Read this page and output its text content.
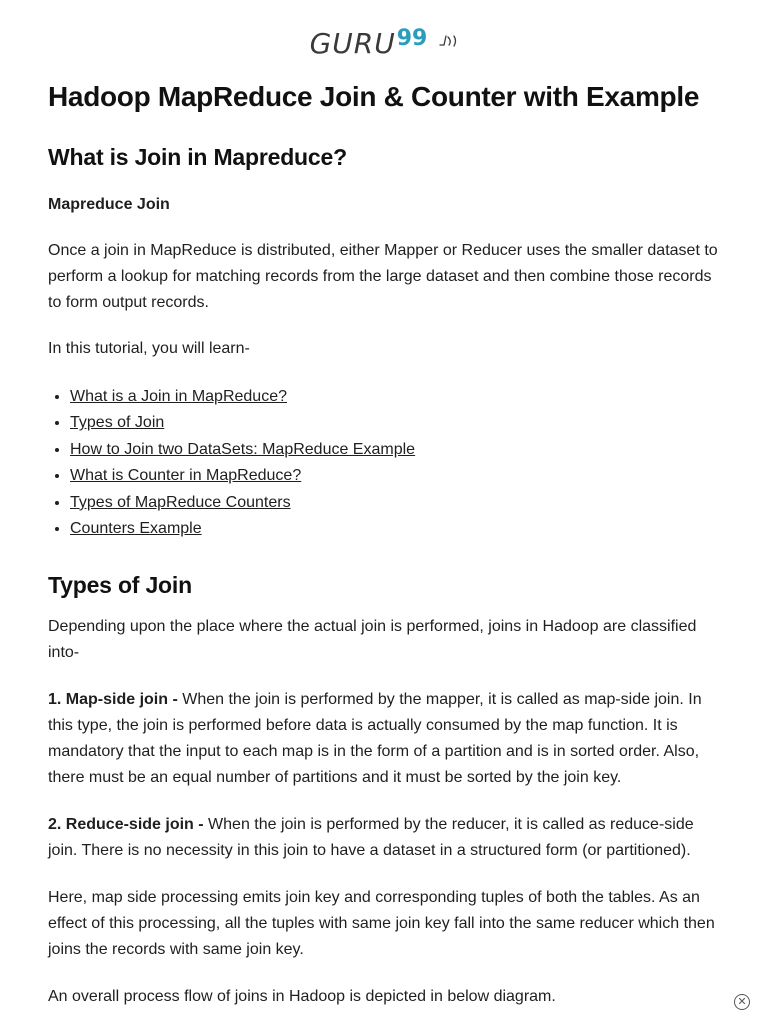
GURU99
Hadoop MapReduce Join & Counter with Example
What is Join in Mapreduce?

Mapreduce Join

Once a join in MapReduce is distributed, either Mapper or Reducer uses the smaller dataset to perform a lookup for matching records from the large dataset and then combine those records to form output records.

In this tutorial, you will learn-

• What is a Join in MapReduce?
• Types of Join
• How to Join two DataSets: MapReduce Example
• What is Counter in MapReduce?
• Types of MapReduce Counters
• Counters Example
Types of Join

Depending upon the place where the actual join is performed, joins in Hadoop are classified into-

1. Map-side join - When the join is performed by the mapper, it is called as map-side join. In this type, the join is performed before data is actually consumed by the map function. It is mandatory that the input to each map is in the form of a partition and is in sorted order. Also, there must be an equal number of partitions and it must be sorted by the join key.

2. Reduce-side join - When the join is performed by the reducer, it is called as reduce-side join. There is no necessity in this join to have a dataset in a structured form (or partitioned).

Here, map side processing emits join key and corresponding tuples of both the tables. As an effect of this processing, all the tuples with same join key fall into the same reducer which then joins the records with same join key.

An overall process flow of joins in Hadoop is depicted in below diagram.	✕
